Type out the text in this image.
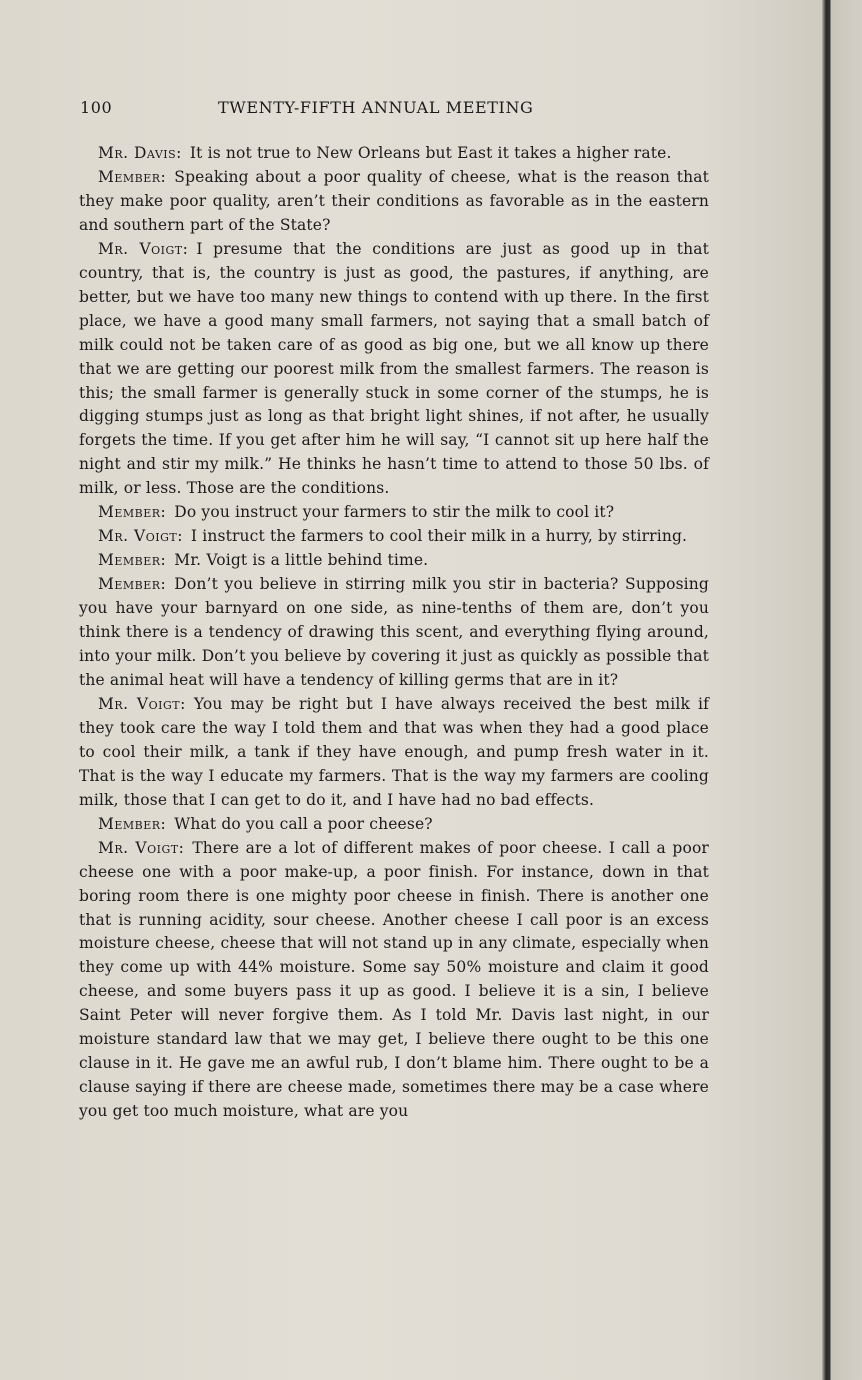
100	TWENTY-FIFTH ANNUAL MEETING

Mr. Davis: It is not true to New Orleans but East it takes a higher rate.

Member: Speaking about a poor quality of cheese, what is the reason that they make poor quality, aren’t their conditions as favorable as in the eastern and southern part of the State?

Mr. Voigt: I presume that the conditions are just as good up in that country, that is, the country is just as good, the pastures, if anything, are better, but we have too many new things to contend with up there. In the first place, we have a good many small farmers, not saying that a small batch of milk could not be taken care of as good as big one, but we all know up there that we are getting our poorest milk from the smallest farmers. The reason is this; the small farmer is generally stuck in some corner of the stumps, he is digging stumps just as long as that bright light shines, if not after, he usually forgets the time. If you get after him he will say, “I cannot sit up here half the night and stir my milk.” He thinks he hasn’t time to attend to those 50 lbs. of milk, or less. Those are the conditions.

Member: Do you instruct your farmers to stir the milk to cool it?

Mr. Voigt: I instruct the farmers to cool their milk in a hurry, by stirring.

Member: Mr. Voigt is a little behind time.

Member: Don’t you believe in stirring milk you stir in bacteria? Supposing you have your barnyard on one side, as nine-tenths of them are, don’t you think there is a tendency of drawing this scent, and everything flying around, into your milk. Don’t you believe by covering it just as quickly as possible that the animal heat will have a tendency of killing germs that are in it?

Mr. Voigt: You may be right but I have always received the best milk if they took care the way I told them and that was when they had a good place to cool their milk, a tank if they have enough, and pump fresh water in it. That is the way I educate my farmers. That is the way my farmers are cooling milk, those that I can get to do it, and I have had no bad effects.

Member: What do you call a poor cheese?

Mr. Voigt: There are a lot of different makes of poor cheese. I call a poor cheese one with a poor make-up, a poor finish. For instance, down in that boring room there is one mighty poor cheese in finish. There is another one that is running acidity, sour cheese. Another cheese I call poor is an excess moisture cheese, cheese that will not stand up in any climate, especially when they come up with 44% moisture. Some say 50% moisture and claim it good cheese, and some buyers pass it up as good. I believe it is a sin, I believe Saint Peter will never forgive them. As I told Mr. Davis last night, in our moisture standard law that we may get, I believe there ought to be this one clause in it. He gave me an awful rub, I don’t blame him. There ought to be a clause saying if there are cheese made, sometimes there may be a case where you get too much moisture, what are you
